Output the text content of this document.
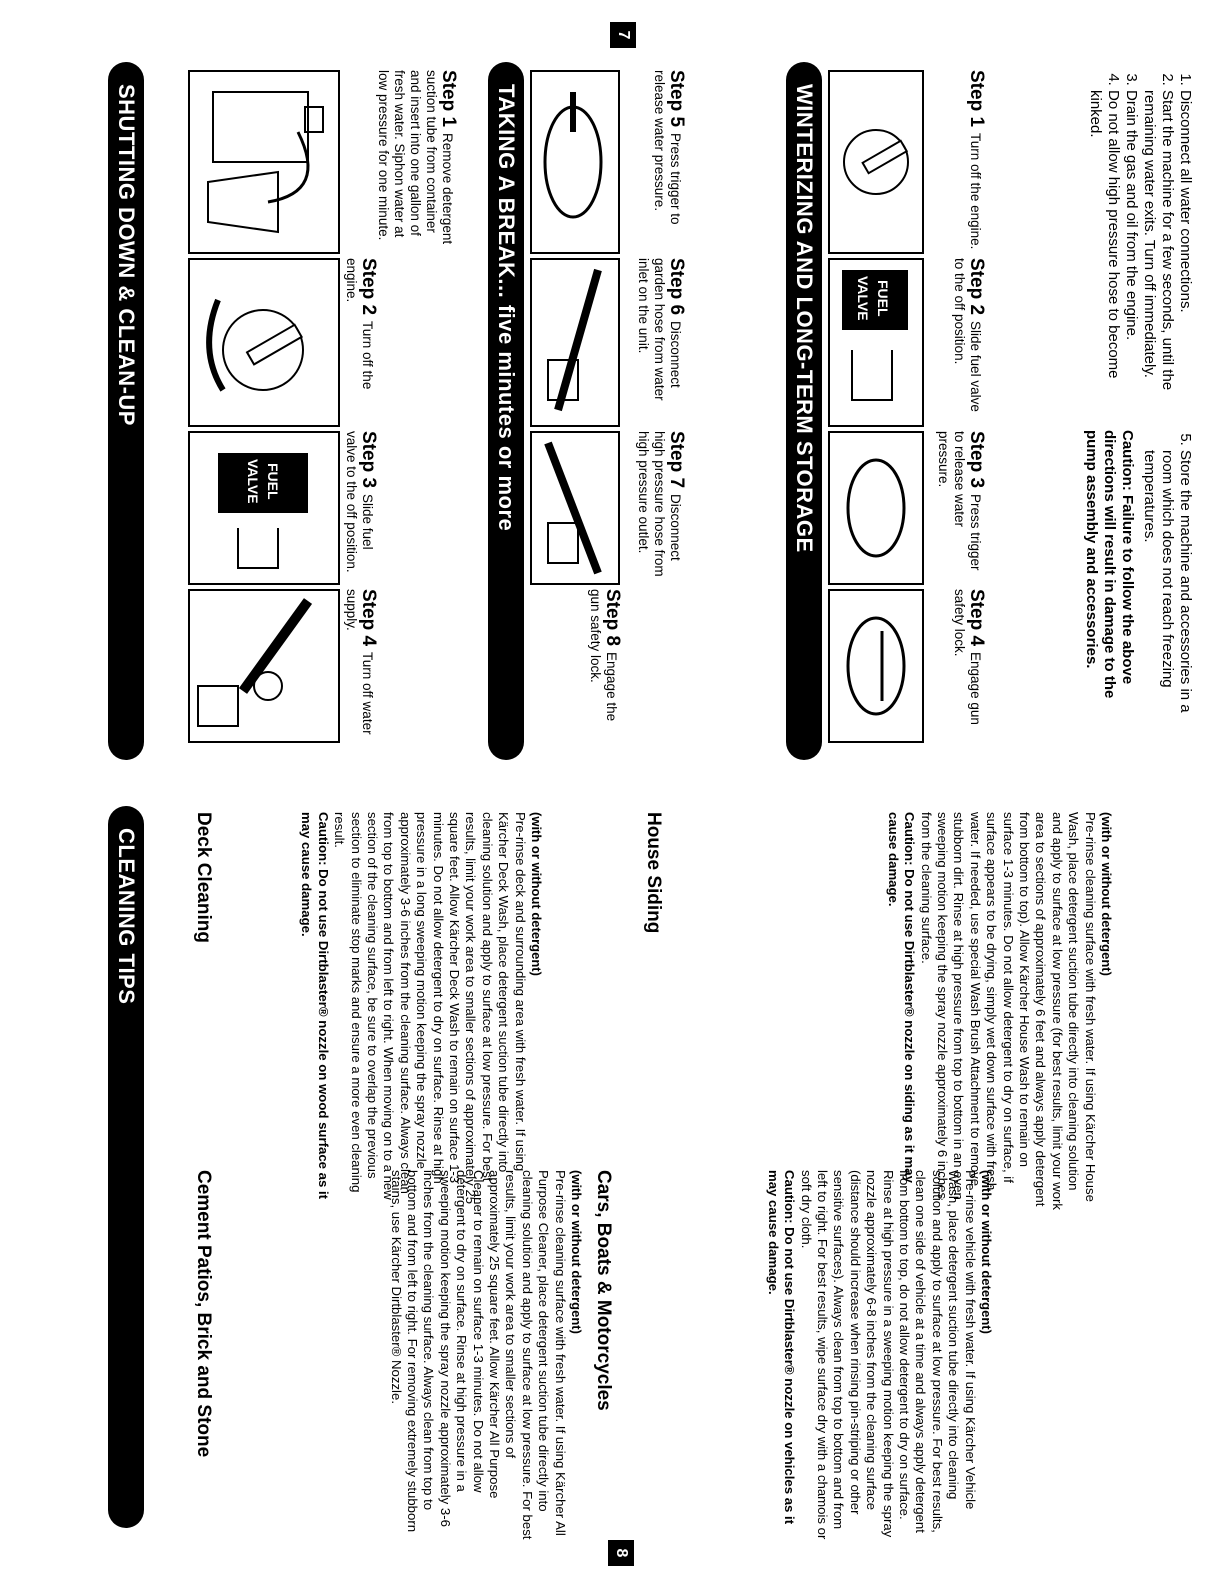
7
SHUTTING DOWN & CLEAN-UP	Step 1Remove detergent suction tube from container and insert into one gallon of fresh water. Siphon water at low pressure for one minute.
Step 2Turn off the engine.
FUEL
VALVE	Step 3Slide fuel valve to the off position.
Step 4Turn off water supply.
TAKING A BREAK... five minutes or more	Step 5Press trigger to release water pressure.
Step 6Disconnect garden hose from water inlet on the unit.
Step 7Disconnect high pressure hose from high pressure outlet.
Step 8Engage the gun safety lock.
WINTERIZING AND LONG-TERM STORAGE	Step 1Turn off the engine.
FUEL
VALVE	Step 2Slide fuel valve to the off position.
Step 3Press trigger to release water pressure.
Step 4Engage gun safety lock.
1. Disconnect all water connections.
2. Start the machine for a few seconds, until the remaining water exits. Turn off immediately.
3. Drain the gas and oil from the engine.
4. Do not allow high pressure hose to become kinked.
5. Store the machine and accessories in a room which does not reach freezing temperatures.
Caution: Failure to follow the above directions will result in damage to the pump assembly and accessories.
CLEANING TIPS	Deck Cleaning	(with or without detergent)
Pre-rinse deck and surrounding area with fresh water. If using Kärcher Deck Wash, place detergent suction tube directly into cleaning solution and apply to surface at low pressure. For best results, limit your work area to smaller sections of approximately 25 square feet. Allow Kärcher Deck Wash to remain on surface 1-3 minutes. Do not allow detergent to dry on surface. Rinse at high pressure in a long sweeping motion keeping the spray nozzle approximately 3-6 inches from the cleaning surface. Always clean from top to bottom and from left to right. When moving on to a new section of the cleaning surface, be sure to overlap the previous section to eliminate stop marks and ensure a more even cleaning result.
Caution: Do not use Dirtblaster® nozzle on wood surface as it may cause damage.	House Siding	(with or without detergent)
Pre-rinse cleaning surface with fresh water. If using Kärcher House Wash, place detergent suction tube directly into cleaning solution and apply to surface at low pressure (for best results, limit your work area to sections of approximately 6 feet and always apply detergent from bottom to top). Allow Kärcher House Wash to remain on surface 1-3 minutes. Do not allow detergent to dry on surface, if surface appears to be drying, simply wet down surface with fresh water. If needed, use special Wash Brush Attachment to remove stubborn dirt. Rinse at high pressure from top to bottom in an even sweeping motion keeping the spray nozzle approximately 6 inches from the cleaning surface.
Caution: Do not use Dirtblaster® nozzle on siding as it may cause damage.
Cement Patios, Brick and Stone	(with or without detergent)
Pre-rinse cleaning surface with fresh water. If using Kärcher All Purpose Cleaner, place detergent suction tube directly into cleaning solution and apply to surface at low pressure. For best results, limit your work area to smaller sections of approximately 25 square feet. Allow Kärcher All Purpose Cleaner to remain on surface 1-3 minutes. Do not allow detergent to dry on surface. Rinse at high pressure in a sweeping motion keeping the spray nozzle approximately 3-6 inches from the cleaning surface. Always clean from top to bottom and from left to right. For removing extremely stubborn stains, use Kärcher Dirtblaster® Nozzle.	Cars, Boats & Motorcycles	(with or without detergent)
Pre-rinse vehicle with fresh water. If using Kärcher Vehicle Wash, place detergent suction tube directly into cleaning solution and apply to surface at low pressure. For best results, clean one side of vehicle at a time and always apply detergent from bottom to top, do not allow detergent to dry on surface. Rinse at high pressure in a sweeping motion keeping the spray nozzle approximately 6-8 inches from the cleaning surface (distance should increase when rinsing pin-striping or other sensitive surfaces). Always clean from top to bottom and from left to right. For best results, wipe surface dry with a chamois or soft dry cloth.
Caution: Do not use Dirtblaster® nozzle on vehicles as it may cause damage.
8
